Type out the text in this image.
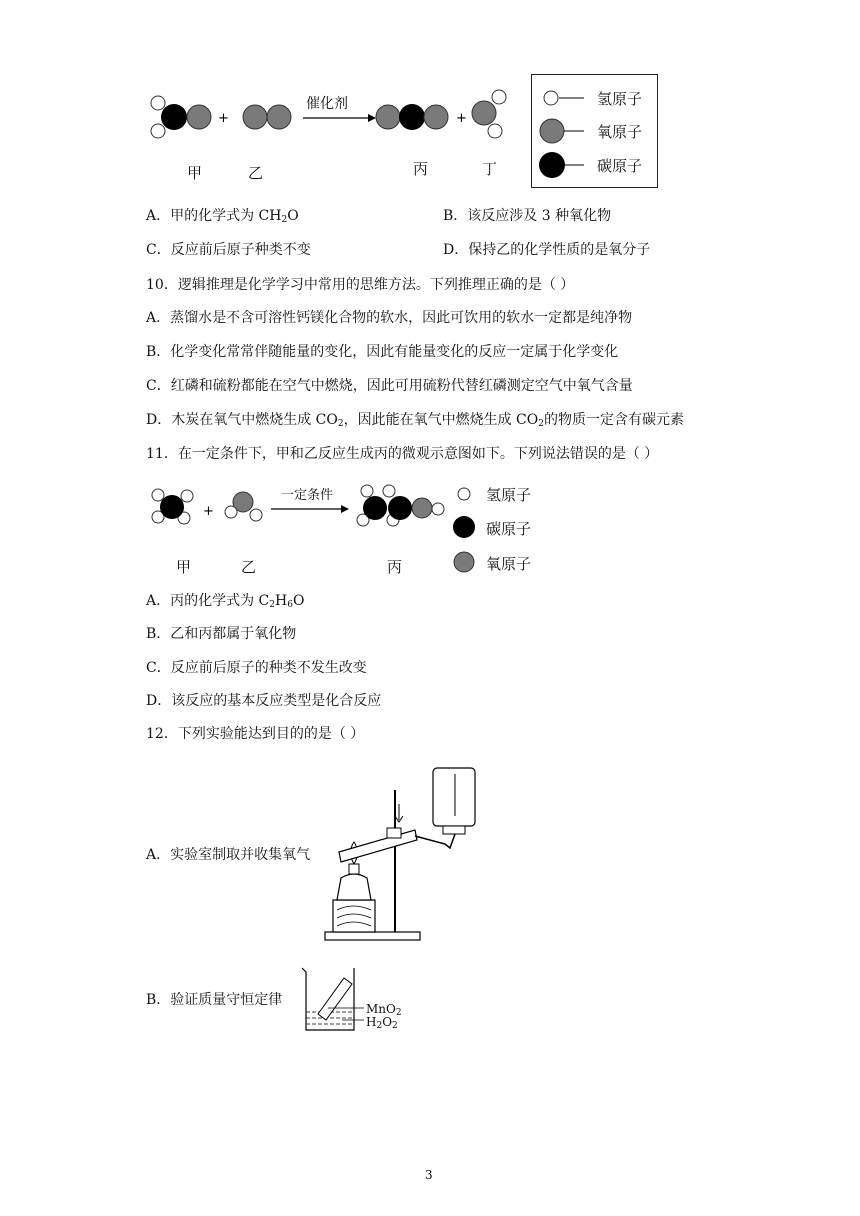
+	+
催化剂
甲	乙	丙	丁
氢原子
氧原子
碳原子
A．甲的化学式为 $CH_2O$	B．该反应涉及 3 种氧化物
C．反应前后原子种类不变	D．保持乙的化学性质的是氧分子
10．逻辑推理是化学学习中常用的思维方法。下列推理正确的是（ ）
A．蒸馏水是不含可溶性钙镁化合物的软水，因此可饮用的软水一定都是纯净物
B．化学变化常常伴随能量的变化，因此有能量变化的反应一定属于化学变化
C．红磷和硫粉都能在空气中燃烧，因此可用硫粉代替红磷测定空气中氧气含量
D．木炭在氧气中燃烧生成 $CO_2$，因此能在氧气中燃烧生成 $CO_2$的物质一定含有碳元素
11．在一定条件下，甲和乙反应生成丙的微观示意图如下。下列说法错误的是（ ）
+
一定条件
甲	乙	丙
氢原子
碳原子
氧原子
A．丙的化学式为 $C_2H_6O$
B．乙和丙都属于氧化物
C．反应前后原子的种类不发生改变
D．该反应的基本反应类型是化合反应
12．下列实验能达到目的的是（ ）
A．实验室制取并收集氧气
MnO$_2$
$H_2O_2$
B．验证质量守恒定律
3
